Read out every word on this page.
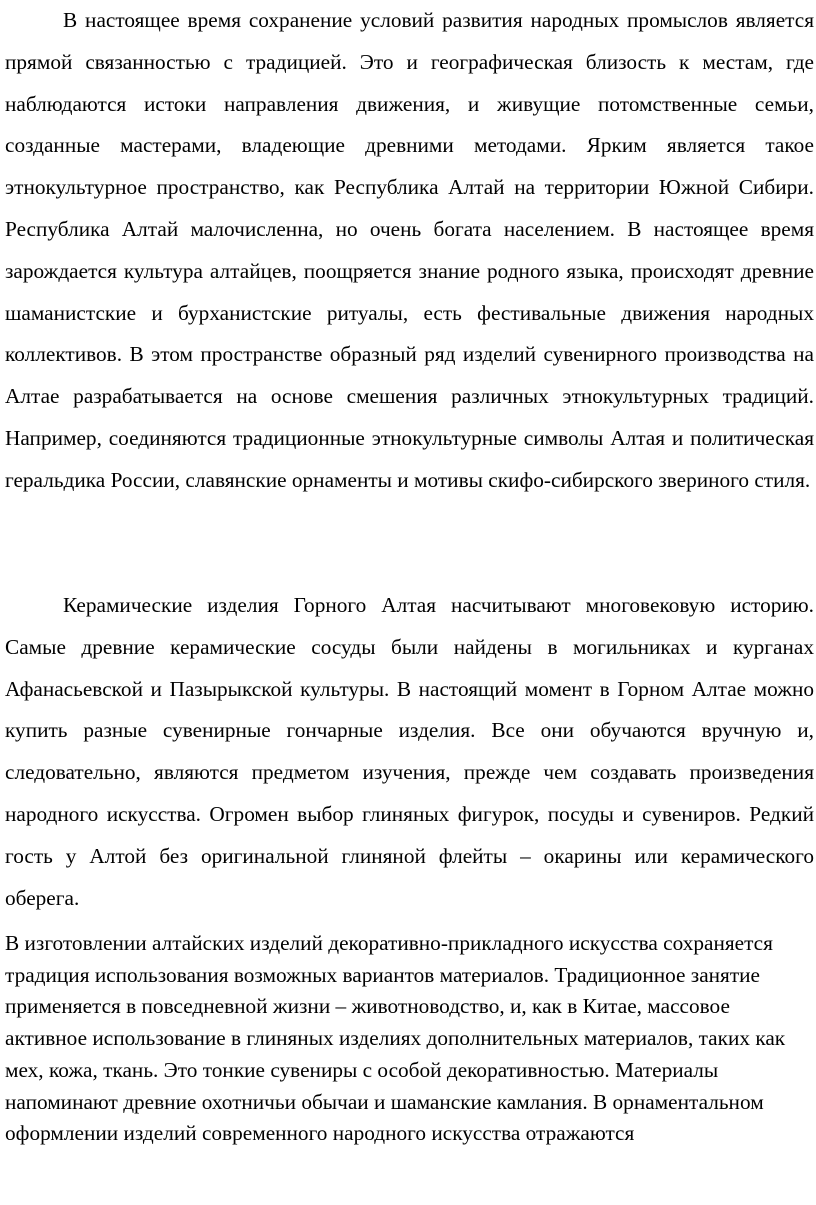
В настоящее время сохранение условий развития народных промыслов является прямой связанностью с традицией. Это и географическая близость к местам, где наблюдаются истоки направления движения, и живущие потомственные семьи, созданные мастерами, владеющие древними методами. Ярким является такое этнокультурное пространство, как Республика Алтай на территории Южной Сибири. Республика Алтай малочисленна, но очень богата населением. В настоящее время зарождается культура алтайцев, поощряется знание родного языка, происходят древние шаманистские и бурханистские ритуалы, есть фестивальные движения народных коллективов. В этом пространстве образный ряд изделий сувенирного производства на Алтае разрабатывается на основе смешения различных этнокультурных традиций. Например, соединяются традиционные этнокультурные символы Алтая и политическая геральдика России, славянские орнаменты и мотивы скифо-сибирского звериного стиля.

Керамические изделия Горного Алтая насчитывают многовековую историю. Самые древние керамические сосуды были найдены в могильниках и курганах Афанасьевской и Пазырыкской культуры. В настоящий момент в Горном Алтае можно купить разные сувенирные гончарные изделия. Все они обучаются вручную и, следовательно, являются предметом изучения, прежде чем создавать произведения народного искусства. Огромен выбор глиняных фигурок, посуды и сувениров. Редкий гость у Алтой без оригинальной глиняной флейты – окарины или керамического оберега.

В изготовлении алтайских изделий декоративно-прикладного искусства сохраняется традиция использования возможных вариантов материалов. Традиционное занятие применяется в повседневной жизни – животноводство, и, как в Китае, массовое активное использование в глиняных изделиях дополнительных материалов, таких как мех, кожа, ткань. Это тонкие сувениры с особой декоративностью. Материалы напоминают древние охотничьи обычаи и шаманские камлания. В орнаментальном оформлении изделий современного народного искусства отражаются
